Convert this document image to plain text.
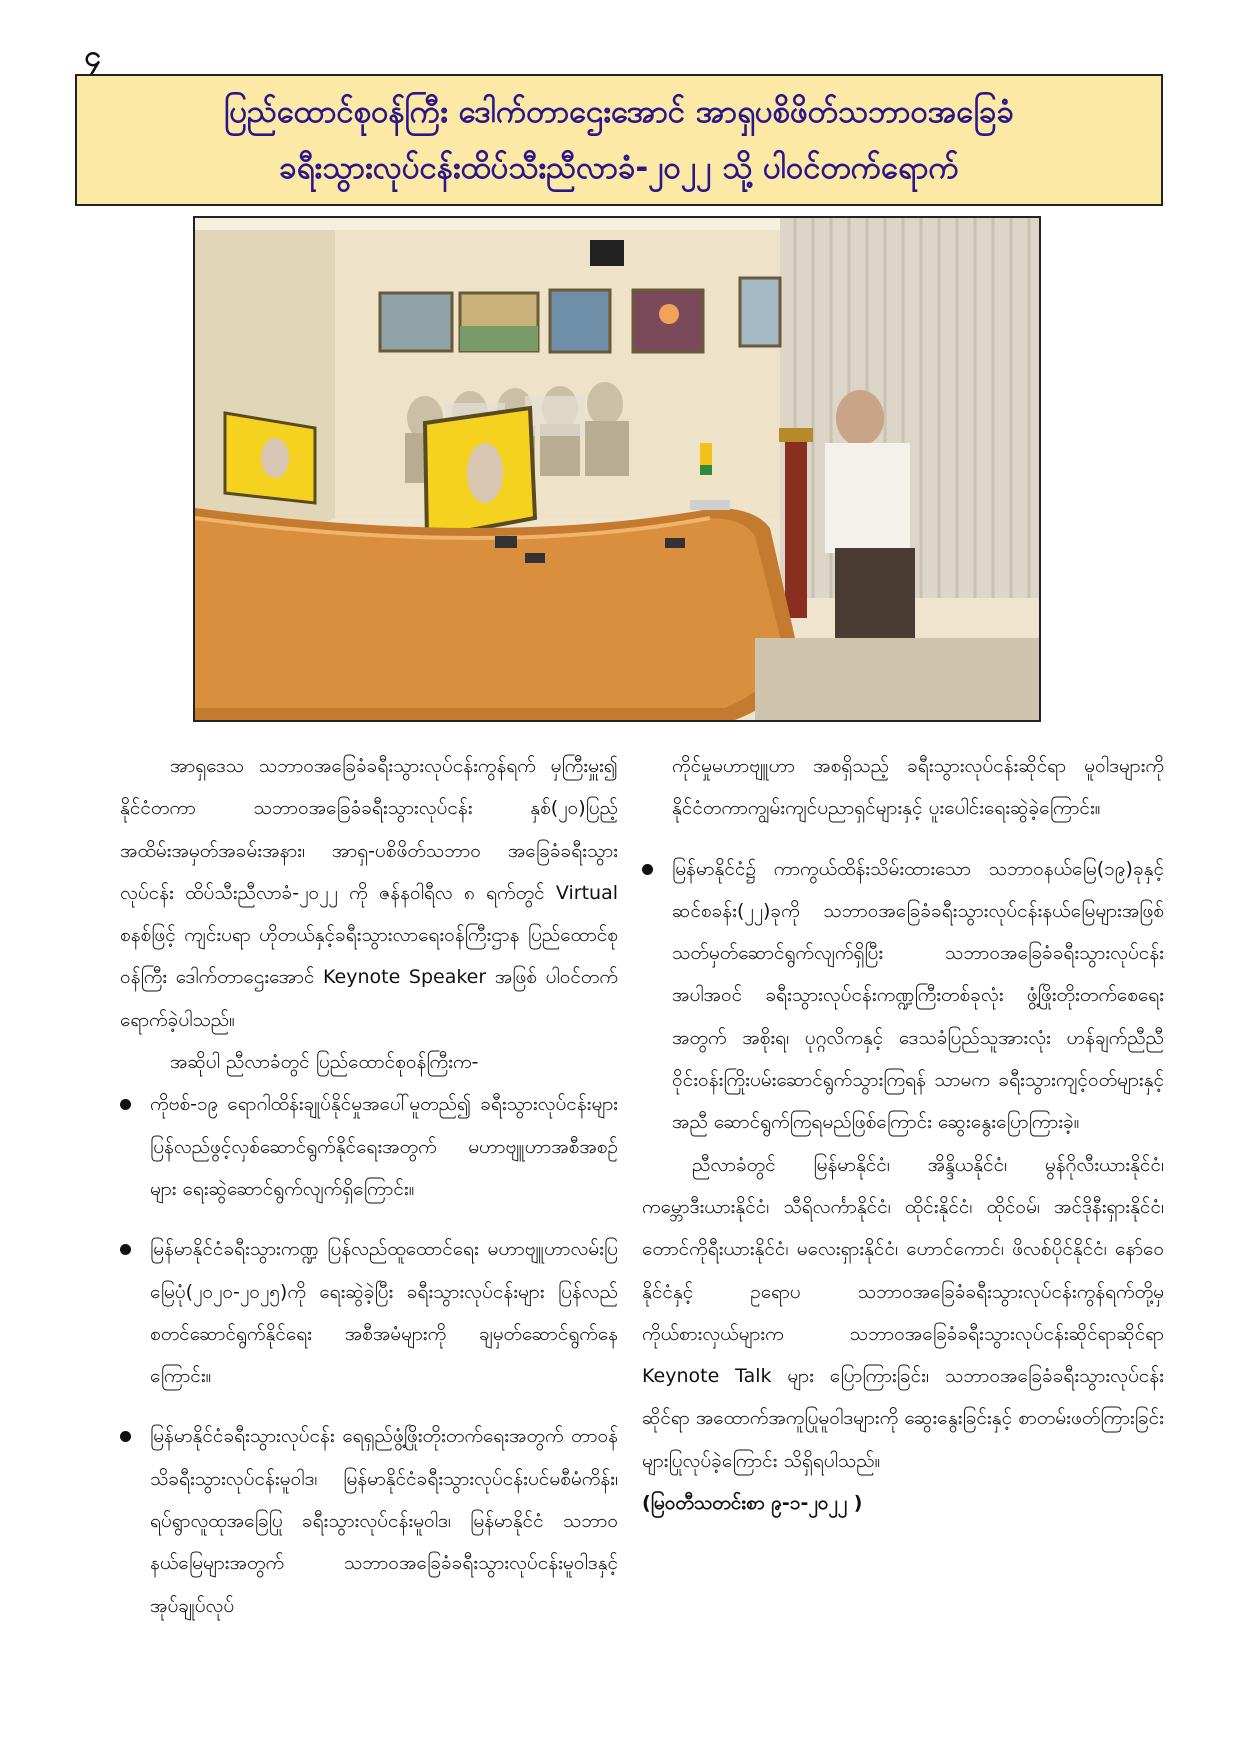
၄
ပြည်ထောင်စုဝန်ကြီး ဒေါက်တာဌေးအောင် အာရှပစိဖိတ်သဘာဝအခြေခံ
ခရီးသွားလုပ်ငန်းထိပ်သီးညီလာခံ-၂၀၂၂ သို့ ပါဝင်တက်ရောက်

အာရှဒေသ သဘာဝအခြေခံခရီးသွားလုပ်ငန်းကွန်ရက် မှကြီးမှူး၍ နိုင်ငံတကာ သဘာဝအခြေခံခရီးသွားလုပ်ငန်း နှစ်(၂၀)ပြည့် အထိမ်းအမှတ်အခမ်းအနား၊ အာရှ-ပစိဖိတ်သဘာဝ အခြေခံခရီးသွားလုပ်ငန်း ထိပ်သီးညီလာခံ-၂၀၂၂ ကို ဇန်နဝါရီလ ၈ ရက်တွင် Virtual စနစ်ဖြင့် ကျင်းပရာ ဟိုတယ်နှင့်ခရီးသွားလာရေးဝန်ကြီးဌာန ပြည်ထောင်စုဝန်ကြီး ဒေါက်တာဌေးအောင် Keynote Speaker အဖြစ် ပါဝင်တက်ရောက်ခဲ့ပါသည်။

အဆိုပါ ညီလာခံတွင် ပြည်ထောင်စုဝန်ကြီးက-

ကိုဗစ်-၁၉ ရောဂါထိန်းချုပ်နိုင်မှုအပေါ်မူတည်၍ ခရီးသွားလုပ်ငန်းများ ပြန်လည်ဖွင့်လှစ်ဆောင်ရွက်နိုင်ရေးအတွက် မဟာဗျူဟာအစီအစဉ်များ ရေးဆွဲဆောင်ရွက်လျက်ရှိကြောင်း။
မြန်မာနိုင်ငံခရီးသွားကဏ္ဍ ပြန်လည်ထူထောင်ရေး မဟာဗျူဟာလမ်းပြမြေပုံ(၂၀၂၀-၂၀၂၅)ကို ရေးဆွဲခဲ့ပြီး ခရီးသွားလုပ်ငန်းများ ပြန်လည်စတင်ဆောင်ရွက်နိုင်ရေး အစီအမံများကို ချမှတ်ဆောင်ရွက်နေကြောင်း။
မြန်မာနိုင်ငံခရီးသွားလုပ်ငန်း ရေရှည်ဖွံ့ဖြိုးတိုးတက်ရေးအတွက် တာဝန်သိခရီးသွားလုပ်ငန်းမူဝါဒ၊ မြန်မာနိုင်ငံခရီးသွားလုပ်ငန်းပင်မစီမံကိန်း၊ ရပ်ရွာလူထုအခြေပြု ခရီးသွားလုပ်ငန်းမူဝါဒ၊ မြန်မာနိုင်ငံ သဘာဝနယ်မြေများအတွက် သဘာဝအခြေခံခရီးသွားလုပ်ငန်းမူဝါဒနှင့် အုပ်ချုပ်လုပ်

ကိုင်မှုမဟာဗျူဟာ အစရှိသည့် ခရီးသွားလုပ်ငန်းဆိုင်ရာ မူဝါဒများကို နိုင်ငံတကာကျွမ်းကျင်ပညာရှင်များနှင့် ပူးပေါင်းရေးဆွဲခဲ့ကြောင်း။

မြန်မာနိုင်ငံ၌ ကာကွယ်ထိန်းသိမ်းထားသော သဘာဝနယ်မြေ(၁၉)ခုနှင့် ဆင်စခန်း(၂၂)ခုကို သဘာဝအခြေခံခရီးသွားလုပ်ငန်းနယ်မြေများအဖြစ် သတ်မှတ်ဆောင်ရွက်လျက်ရှိပြီး သဘာဝအခြေခံခရီးသွားလုပ်ငန်းအပါအဝင် ခရီးသွားလုပ်ငန်းကဏ္ဍကြီးတစ်ခုလုံး ဖွံ့ဖြိုးတိုးတက်စေရေးအတွက် အစိုးရ၊ ပုဂ္ဂလိကနှင့် ဒေသခံပြည်သူအားလုံး ဟန်ချက်ညီညီ ဝိုင်းဝန်းကြိုးပမ်းဆောင်ရွက်သွားကြရန် သာမက ခရီးသွားကျင့်ဝတ်များနှင့်အညီ ဆောင်ရွက်ကြရမည်ဖြစ်ကြောင်း ဆွေးနွေးပြောကြားခဲ့။

ညီလာခံတွင် မြန်မာနိုင်ငံ၊ အိန္ဒိယနိုင်ငံ၊ မွန်ဂိုလီးယားနိုင်ငံ၊ ကမ္ဘောဒီးယားနိုင်ငံ၊ သီရိလင်္ကာနိုင်ငံ၊ ထိုင်းနိုင်ငံ၊ ထိုင်ဝမ်၊ အင်ဒိုနီးရှားနိုင်ငံ၊ တောင်ကိုရီးယားနိုင်ငံ၊ မလေးရှားနိုင်ငံ၊ ဟောင်ကောင်၊ ဖိလစ်ပိုင်နိုင်ငံ၊ နော်ဝေနိုင်ငံနှင့် ဥရောပ သဘာဝအခြေခံခရီးသွားလုပ်ငန်းကွန်ရက်တို့မှ ကိုယ်စားလှယ်များက သဘာဝအခြေခံခရီးသွားလုပ်ငန်းဆိုင်ရာဆိုင်ရာ Keynote Talk များ ပြောကြားခြင်း၊ သဘာဝအခြေခံခရီးသွားလုပ်ငန်းဆိုင်ရာ အထောက်အကူပြုမူဝါဒများကို ဆွေးနွေးခြင်းနှင့် စာတမ်းဖတ်ကြားခြင်းများပြုလုပ်ခဲ့ကြောင်း သိရှိရပါသည်။

(မြဝတီသတင်းစာ ၉-၁-၂၀၂၂ )
